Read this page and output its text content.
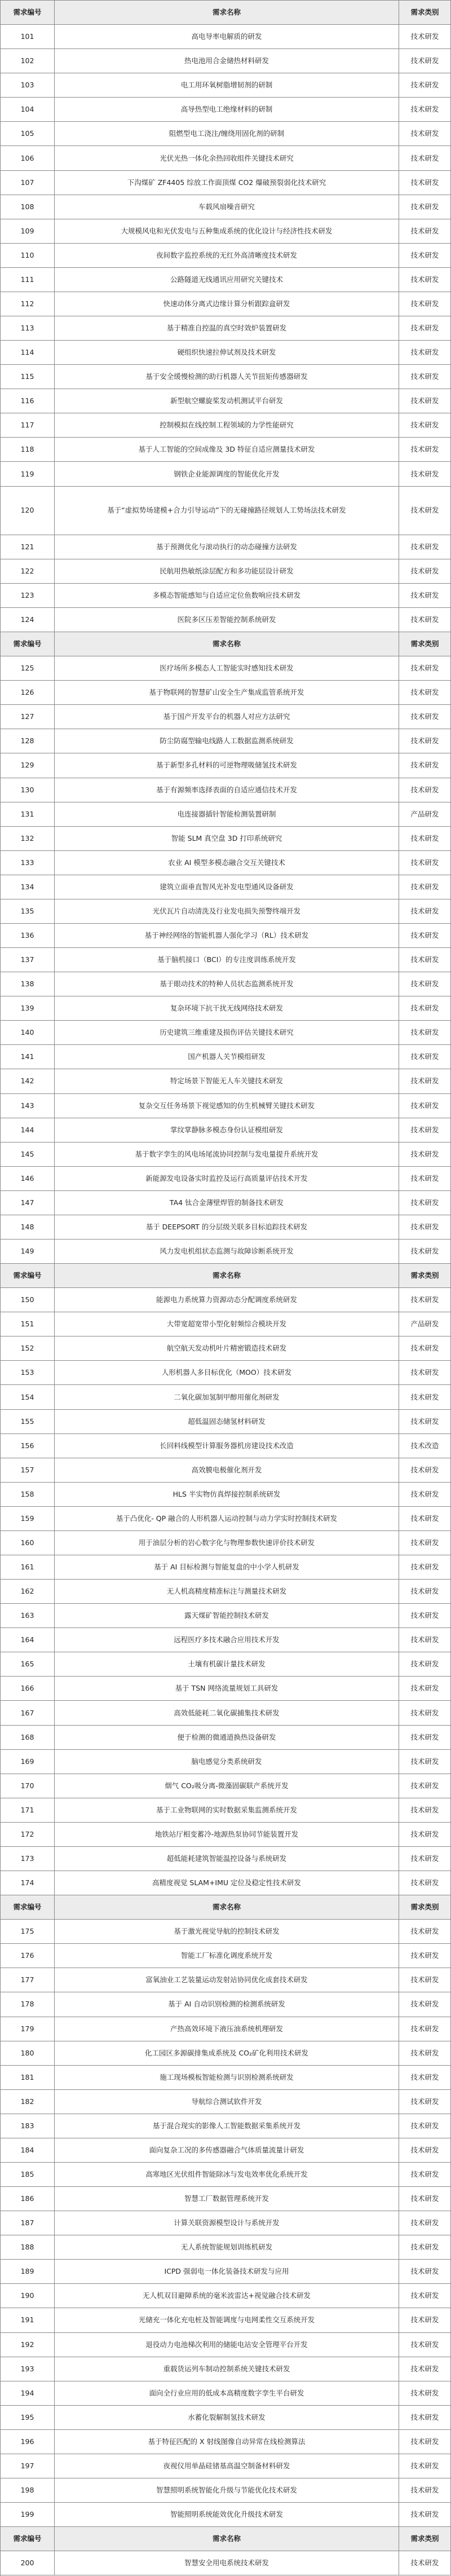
需求编号	需求名称	需求类别
101	高电导率电解质的研发	技术研发
102	热电池用合金储热材料研发	技术研发
103	电工用环氧树脂增韧剂的研制	技术研发
104	高导热型电工绝缘材料的研制	技术研发
105	阻燃型电工浇注/缠绕用固化剂的研制	技术研发
106	光伏光热一体化余热回收组件关键技术研究	技术研发
107	下沟煤矿 ZF4405 综放工作面顶煤 CO2 爆破预裂弱化技术研究	技术研发
108	车载风扇噪音研究	技术研发
109	大规模风电和光伏发电与五种集成系统的优化设计与经济性技术研发	技术研发
110	夜间数字监控系统的无红外高清晰度技术研发	技术研发
111	公路隧道无线通讯应用研究关键技术	技术研发
112	快速动体分离式边缘计算分析跟踪盒研发	技术研发
113	基于精准自控温的真空时效炉装置研发	技术研发
114	硬组织快速拉伸试剂及技术研发	技术研发
115	基于安全缓慢检测的助行机器人关节扭矩传感器研发	技术研发
116	新型航空螺旋桨发动机测试平台研发	技术研发
117	控制模拟在线控制工程领域的力学性能研究	技术研发
118	基于人工智能的空间成像及 3D 特征自适应测量技术研发	技术研发
119	钢铁企业能源调度的智能优化开发	技术研发
120	基于“虚拟势场建模+合力引导运动”下的无碰撞路径规划人工势场法技术研发	技术研发
121	基于预测优化与滚动执行的动态碰撞方法研发	技术研发
122	民航用热敏纸涂层配方和多功能层设计研发	技术研发
123	多模态智能感知与自适应定位鱼数响应技术研发	技术研发
124	医院多区压差智能控制系统研发	技术研发
需求编号	需求名称	需求类别
125	医疗场所多模态人工智能实时感知技术研发	技术研发
126	基于物联网的智慧矿山安全生产集成监管系统开发	技术研发
127	基于国产开发平台的机器人对应方法研究	技术研发
128	防尘防腐型输电线路人工数据监测系统研发	技术研发
129	基于新型多孔材料的可逆物理吸储氢技术研发	技术研发
130	基于有源频率选择表面的自适应通信技术开发	技术研发
131	电连接器插针智能检测装置研制	产品研发
132	智能 SLM 真空盘 3D 打印系统研究	技术研发
133	农业 AI 模型多模态融合交互关键技术	技术研发
134	建筑立面垂直智风光补发电型通风设备研发	技术研发
135	光伏瓦片自动清洗及行业发电损失预警终端开发	技术研发
136	基于神经网络的智能机器人强化学习（RL）技术研发	技术研发
137	基于脑机接口（BCI）的专注度训练系统开发	技术研发
138	基于眼动技术的特种人员状态监测系统开发	技术研发
139	复杂环境下抗干扰无线网络技术研发	技术研发
140	历史建筑三维重建及损伤评估关键技术研究	技术研发
141	国产机器人关节模组研发	技术研发
142	特定场景下智能无人车关键技术研发	技术研发
143	复杂交互任务场景下视觉感知的仿生机械臂关键技术研发	技术研发
144	掌纹掌静脉多模态身份认证模组研发	技术研发
145	基于数字孪生的风电场尾流协同控制与发电量提升系统开发	技术研发
146	新能源发电设备实时监控及运行高质量评估技术开发	技术研发
147	TA4 钛合金薄壁焊管的制备技术研发	技术研发
148	基于 DEEPSORT 的分层级关联多目标追踪技术研发	技术研发
149	风力发电机组状态监测与故障诊断系统开发	技术研发
需求编号	需求名称	需求类别
150	能源电力系统算力资源动态分配调度系统研发	技术研发
151	大带宽超宽带小型化射频综合模块开发	产品研发
152	航空航天发动机叶片精密锻造技术研发	技术研发
153	人形机器人多目标优化（MOO）技术研发	技术研发
154	二氧化碳加氢制甲醇用催化剂研发	技术研发
155	超低温固态储氢材料研发	技术研发
156	长回料线模型计算服务器机房建设技术改造	技术改造
157	高效膜电极催化剂开发	技术研发
158	HLS 半实物仿真焊接控制系统研发	技术研发
159	基于凸优化- QP 融合的人形机器人运动控制与动力学实时控制技术研发	技术研发
160	用于油层分析的岩心数字化与物理参数快速评价技术研发	技术研发
161	基于 AI 目标检测与智能复盘的中小学人机研发	技术研发
162	无人机高精度精准标注与测量技术研发	技术研发
163	露天煤矿智能控制技术研发	技术研发
164	远程医疗多技术融合应用技术开发	技术研发
165	土壤有机碳计量技术研发	技术研发
166	基于 TSN 网络流量规划工具研发	技术研发
167	高效低能耗二氧化碳捕集技术研发	技术研发
168	便于检测的微通道换热设备研发	技术研发
169	脑电感觉分类系统研发	技术研发
170	烟气 CO₂吸分离-微藻固碳联产系统开发	技术研发
171	基于工业物联网的实时数据采集监测系统开发	技术研发
172	地铁站厅相变蓄冷-地源热泵协同节能装置开发	技术研发
173	超低能耗建筑智能温控设备与系统研发	技术研发
174	高精度视觉 SLAM+IMU 定位及稳定性技术研发	技术研发
需求编号	需求名称	需求类别
175	基于激光视觉导航的控制技术研发	技术研发
176	智能工厂标准化调度系统开发	技术研发
177	富氧油业工艺装量运动发射站协同优化成套技术研发	技术研发
178	基于 AI 自动识别检测的检测系统研发	技术研发
179	产热高效环境下液压油系统机理研发	技术研发
180	化工园区多源碳排集成系统及 CO₂矿化利用技术研发	技术研发
181	施工现场模板智能检测与识别检测系统研发	技术研发
182	导航综合测试软件开发	技术研发
183	基于混合现实的影像人工智能数据采集系统开发	技术研发
184	面向复杂工况的多传感器融合气体质量流量计研发	技术研发
185	高寒地区光伏组件智能除冰与发电效率优化系统开发	技术研发
186	智慧工厂数据管理系统开发	技术研发
187	计算关联资源模型设计与系统开发	技术研发
188	无人系统智能规划训练机研发	技术研发
189	ICPD 强弱电一体化装备技术研发与应用	技术研发
190	无人机双目避障系统的毫米波雷达+视觉融合技术研发	技术研发
191	光储充一体化充电桩及智能调度与电网柔性交互系统开发	技术研发
192	退役动力电池梯次利用的储能电站安全管理平台开发	技术研发
193	重载货运列车制动控制系统关键技术研发	技术研发
194	面向全行业应用的低成本高精度数字孪生平台研发	技术研发
195	水蓄化裂解制氢技术研发	技术研发
196	基于特征匹配的 X 射线图像自动异常在线检测算法	技术研发
197	夜视仪用单晶硅锗基高温空制备材料研发	技术研发
198	智慧照明系统智能化升级与节能优化技术研发	技术研发
199	智能照明系统能效优化升级技术研发	技术研发
需求编号	需求名称	需求类别
200	智慧安全用电系统技术研发	技术研发
